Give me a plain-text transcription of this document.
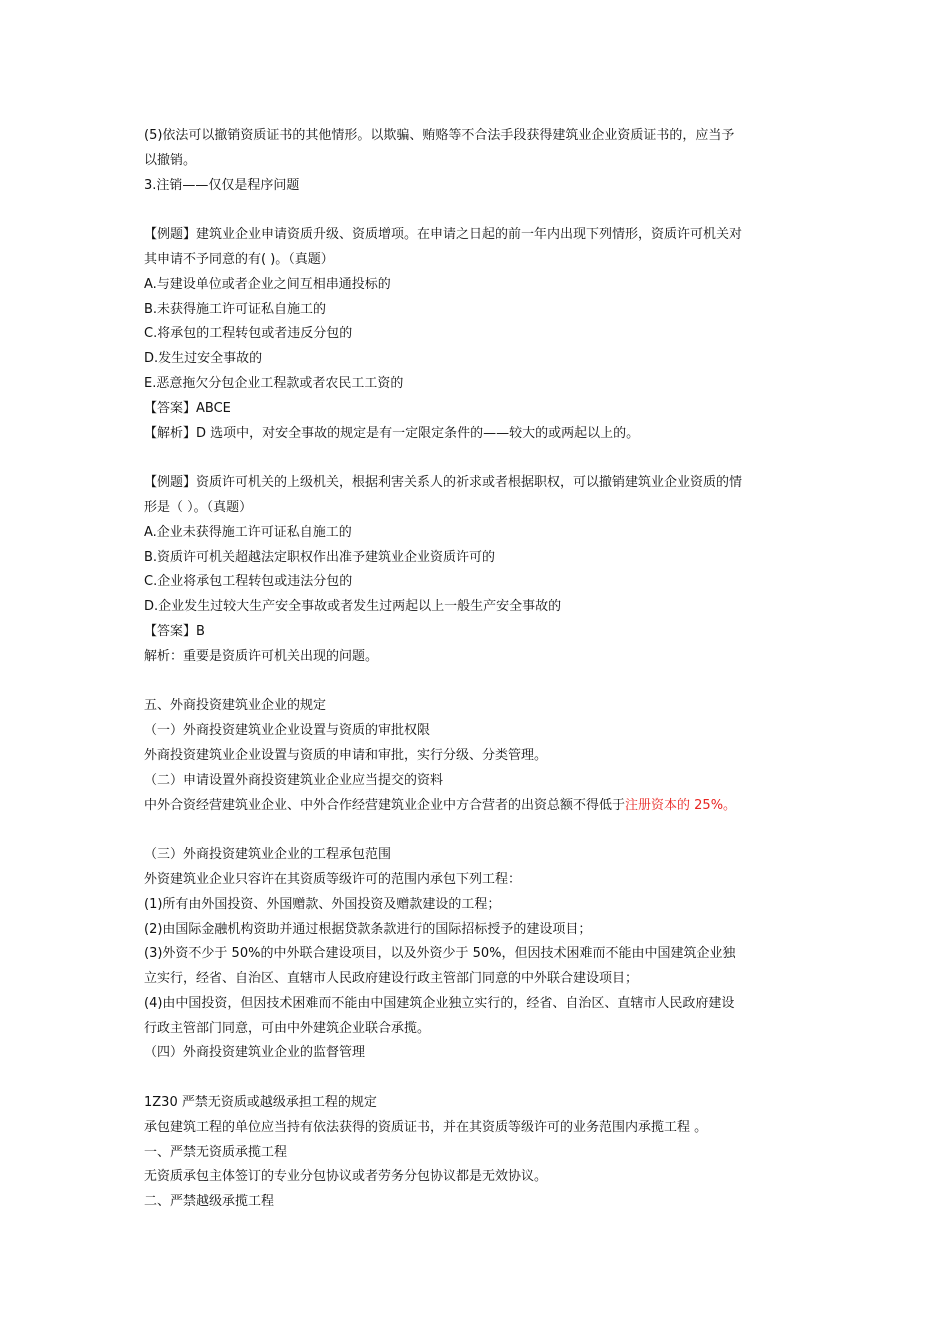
(5)依法可以撤销资质证书的其他情形。以欺骗、贿赂等不合法手段获得建筑业企业资质证书的，应当予
以撤销。
3.注销——仅仅是程序问题
【例题】建筑业企业申请资质升级、资质增项。在申请之日起的前一年内出现下列情形，资质许可机关对
其申请不予同意的有( )。（真题）
A.与建设单位或者企业之间互相串通投标的
B.未获得施工许可证私自施工的
C.将承包的工程转包或者违反分包的
D.发生过安全事故的
E.恶意拖欠分包企业工程款或者农民工工资的
【答案】ABCE
【解析】D 选项中，对安全事故的规定是有一定限定条件的——较大的或两起以上的。
【例题】资质许可机关的上级机关，根据利害关系人的祈求或者根据职权，可以撤销建筑业企业资质的情
形是（ ）。（真题）
A.企业未获得施工许可证私自施工的
B.资质许可机关超越法定职权作出准予建筑业企业资质许可的
C.企业将承包工程转包或违法分包的
D.企业发生过较大生产安全事故或者发生过两起以上一般生产安全事故的
【答案】B
解析：重要是资质许可机关出现的问题。
五、外商投资建筑业企业的规定
（一）外商投资建筑业企业设置与资质的审批权限
外商投资建筑业企业设置与资质的申请和审批，实行分级、分类管理。
（二）申请设置外商投资建筑业企业应当提交的资料
中外合资经营建筑业企业、中外合作经营建筑业企业中方合营者的出资总额不得低于注册资本的 25%。
（三）外商投资建筑业企业的工程承包范围
外资建筑业企业只容许在其资质等级许可的范围内承包下列工程：
(1)所有由外国投资、外国赠款、外国投资及赠款建设的工程；
(2)由国际金融机构资助并通过根据贷款条款进行的国际招标授予的建设项目；
(3)外资不少于 50%的中外联合建设项目，以及外资少于 50%，但因技术困难而不能由中国建筑企业独
立实行，经省、自治区、直辖市人民政府建设行政主管部门同意的中外联合建设项目；
(4)由中国投资，但因技术困难而不能由中国建筑企业独立实行的，经省、自治区、直辖市人民政府建设
行政主管部门同意，可由中外建筑企业联合承揽。
（四）外商投资建筑业企业的监督管理
1Z30 严禁无资质或越级承担工程的规定
承包建筑工程的单位应当持有依法获得的资质证书，并在其资质等级许可的业务范围内承揽工程 。
一、严禁无资质承揽工程
无资质承包主体签订的专业分包协议或者劳务分包协议都是无效协议。
二、严禁越级承揽工程
